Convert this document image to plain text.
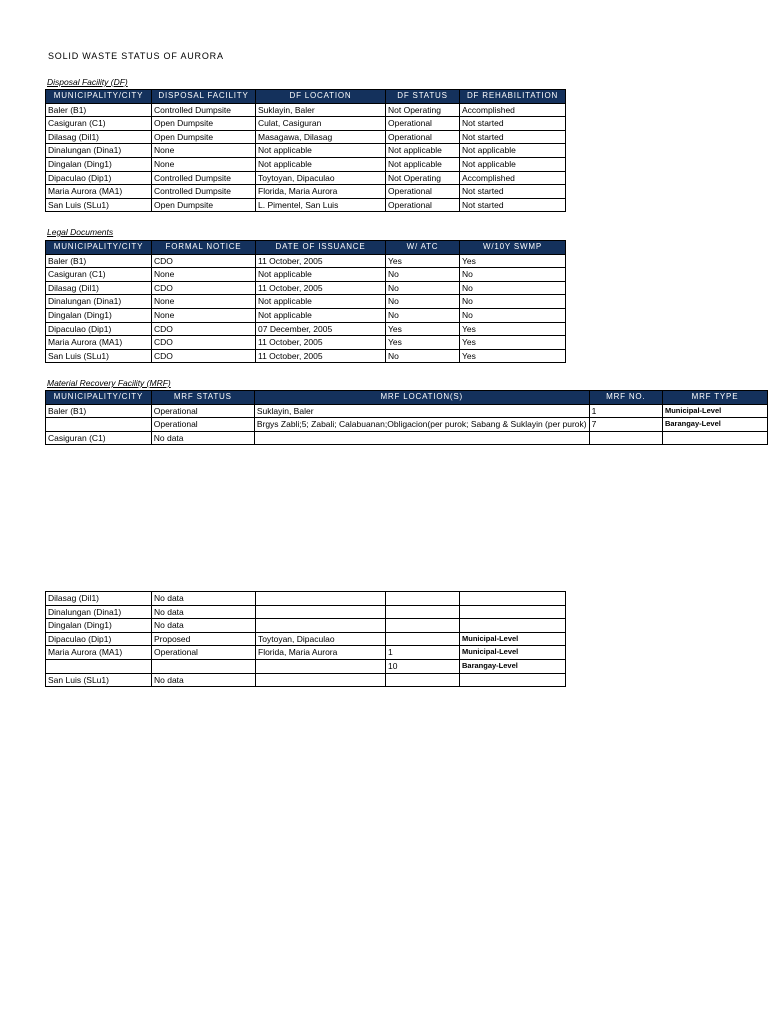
SOLID WASTE STATUS OF AURORA
Disposal Facility (DF)
MUNICIPALITY/CITY	DISPOSAL FACILITY	DF LOCATION	DF STATUS	DF REHABILITATION
Baler (B1)	Controlled Dumpsite	Suklayin, Baler	Not Operating	Accomplished
Casiguran (C1)	Open Dumpsite	Culat, Casiguran	Operational	Not started
Dilasag (Dil1)	Open Dumpsite	Masagawa, Dilasag	Operational	Not started
Dinalungan (Dina1)	None	Not applicable	Not applicable	Not applicable
Dingalan (Ding1)	None	Not applicable	Not applicable	Not applicable
Dipaculao (Dip1)	Controlled Dumpsite	Toytoyan, Dipaculao	Not Operating	Accomplished
Maria Aurora (MA1)	Controlled Dumpsite	Florida, Maria Aurora	Operational	Not started
San Luis (SLu1)	Open Dumpsite	L. Pimentel, San Luis	Operational	Not started
Legal Documents
MUNICIPALITY/CITY	FORMAL NOTICE	DATE OF ISSUANCE	W/ ATC	W/10Y SWMP
Baler (B1)	CDO	11 October, 2005	Yes	Yes
Casiguran (C1)	None	Not applicable	No	No
Dilasag (Dil1)	CDO	11 October, 2005	No	No
Dinalungan (Dina1)	None	Not applicable	No	No
Dingalan (Ding1)	None	Not applicable	No	No
Dipaculao (Dip1)	CDO	07 December, 2005	Yes	Yes
Maria Aurora (MA1)	CDO	11 October, 2005	Yes	Yes
San Luis (SLu1)	CDO	11 October, 2005	No	Yes
Material Recovery Facility (MRF)
MUNICIPALITY/CITY	MRF STATUS	MRF LOCATION(S)	MRF NO.	MRF TYPE
Baler (B1)	Operational	Suklayin, Baler	1	Municipal-Level
	Operational	Brgys Zabli;5; Zabali; Calabuanan;Obligacion(per purok; Sabang & Suklayin (per purok)	7	Barangay-Level
Casiguran (C1)	No data			
Dilasag (Dil1)	No data			
Dinalungan (Dina1)	No data			
Dingalan (Ding1)	No data			
Dipaculao (Dip1)	Proposed	Toytoyan, Dipaculao		Municipal-Level
Maria Aurora (MA1)	Operational	Florida, Maria Aurora	1	Municipal-Level
			10	Barangay-Level
San Luis (SLu1)	No data			
